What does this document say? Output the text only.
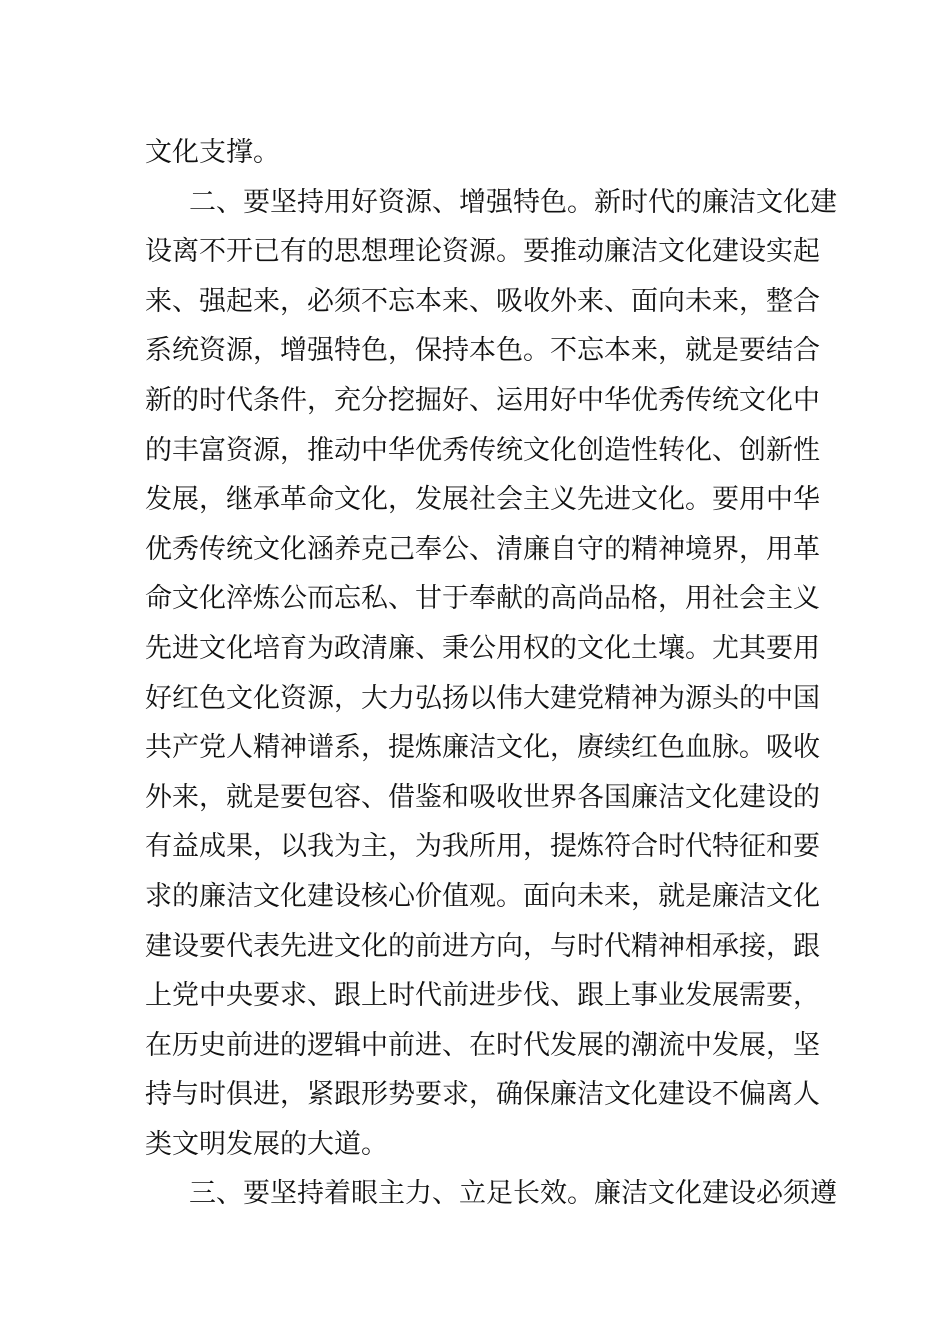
文化支撑。
二、要坚持用好资源、增强特色。新时代的廉洁文化建
设离不开已有的思想理论资源。要推动廉洁文化建设实起
来、强起来，必须不忘本来、吸收外来、面向未来，整合
系统资源，增强特色，保持本色。不忘本来，就是要结合
新的时代条件，充分挖掘好、运用好中华优秀传统文化中
的丰富资源，推动中华优秀传统文化创造性转化、创新性
发展，继承革命文化，发展社会主义先进文化。要用中华
优秀传统文化涵养克己奉公、清廉自守的精神境界，用革
命文化淬炼公而忘私、甘于奉献的高尚品格，用社会主义
先进文化培育为政清廉、秉公用权的文化土壤。尤其要用
好红色文化资源，大力弘扬以伟大建党精神为源头的中国
共产党人精神谱系，提炼廉洁文化，赓续红色血脉。吸收
外来，就是要包容、借鉴和吸收世界各国廉洁文化建设的
有益成果，以我为主，为我所用，提炼符合时代特征和要
求的廉洁文化建设核心价值观。面向未来，就是廉洁文化
建设要代表先进文化的前进方向，与时代精神相承接，跟
上党中央要求、跟上时代前进步伐、跟上事业发展需要，
在历史前进的逻辑中前进、在时代发展的潮流中发展，坚
持与时俱进，紧跟形势要求，确保廉洁文化建设不偏离人
类文明发展的大道。
三、要坚持着眼主力、立足长效。廉洁文化建设必须遵
